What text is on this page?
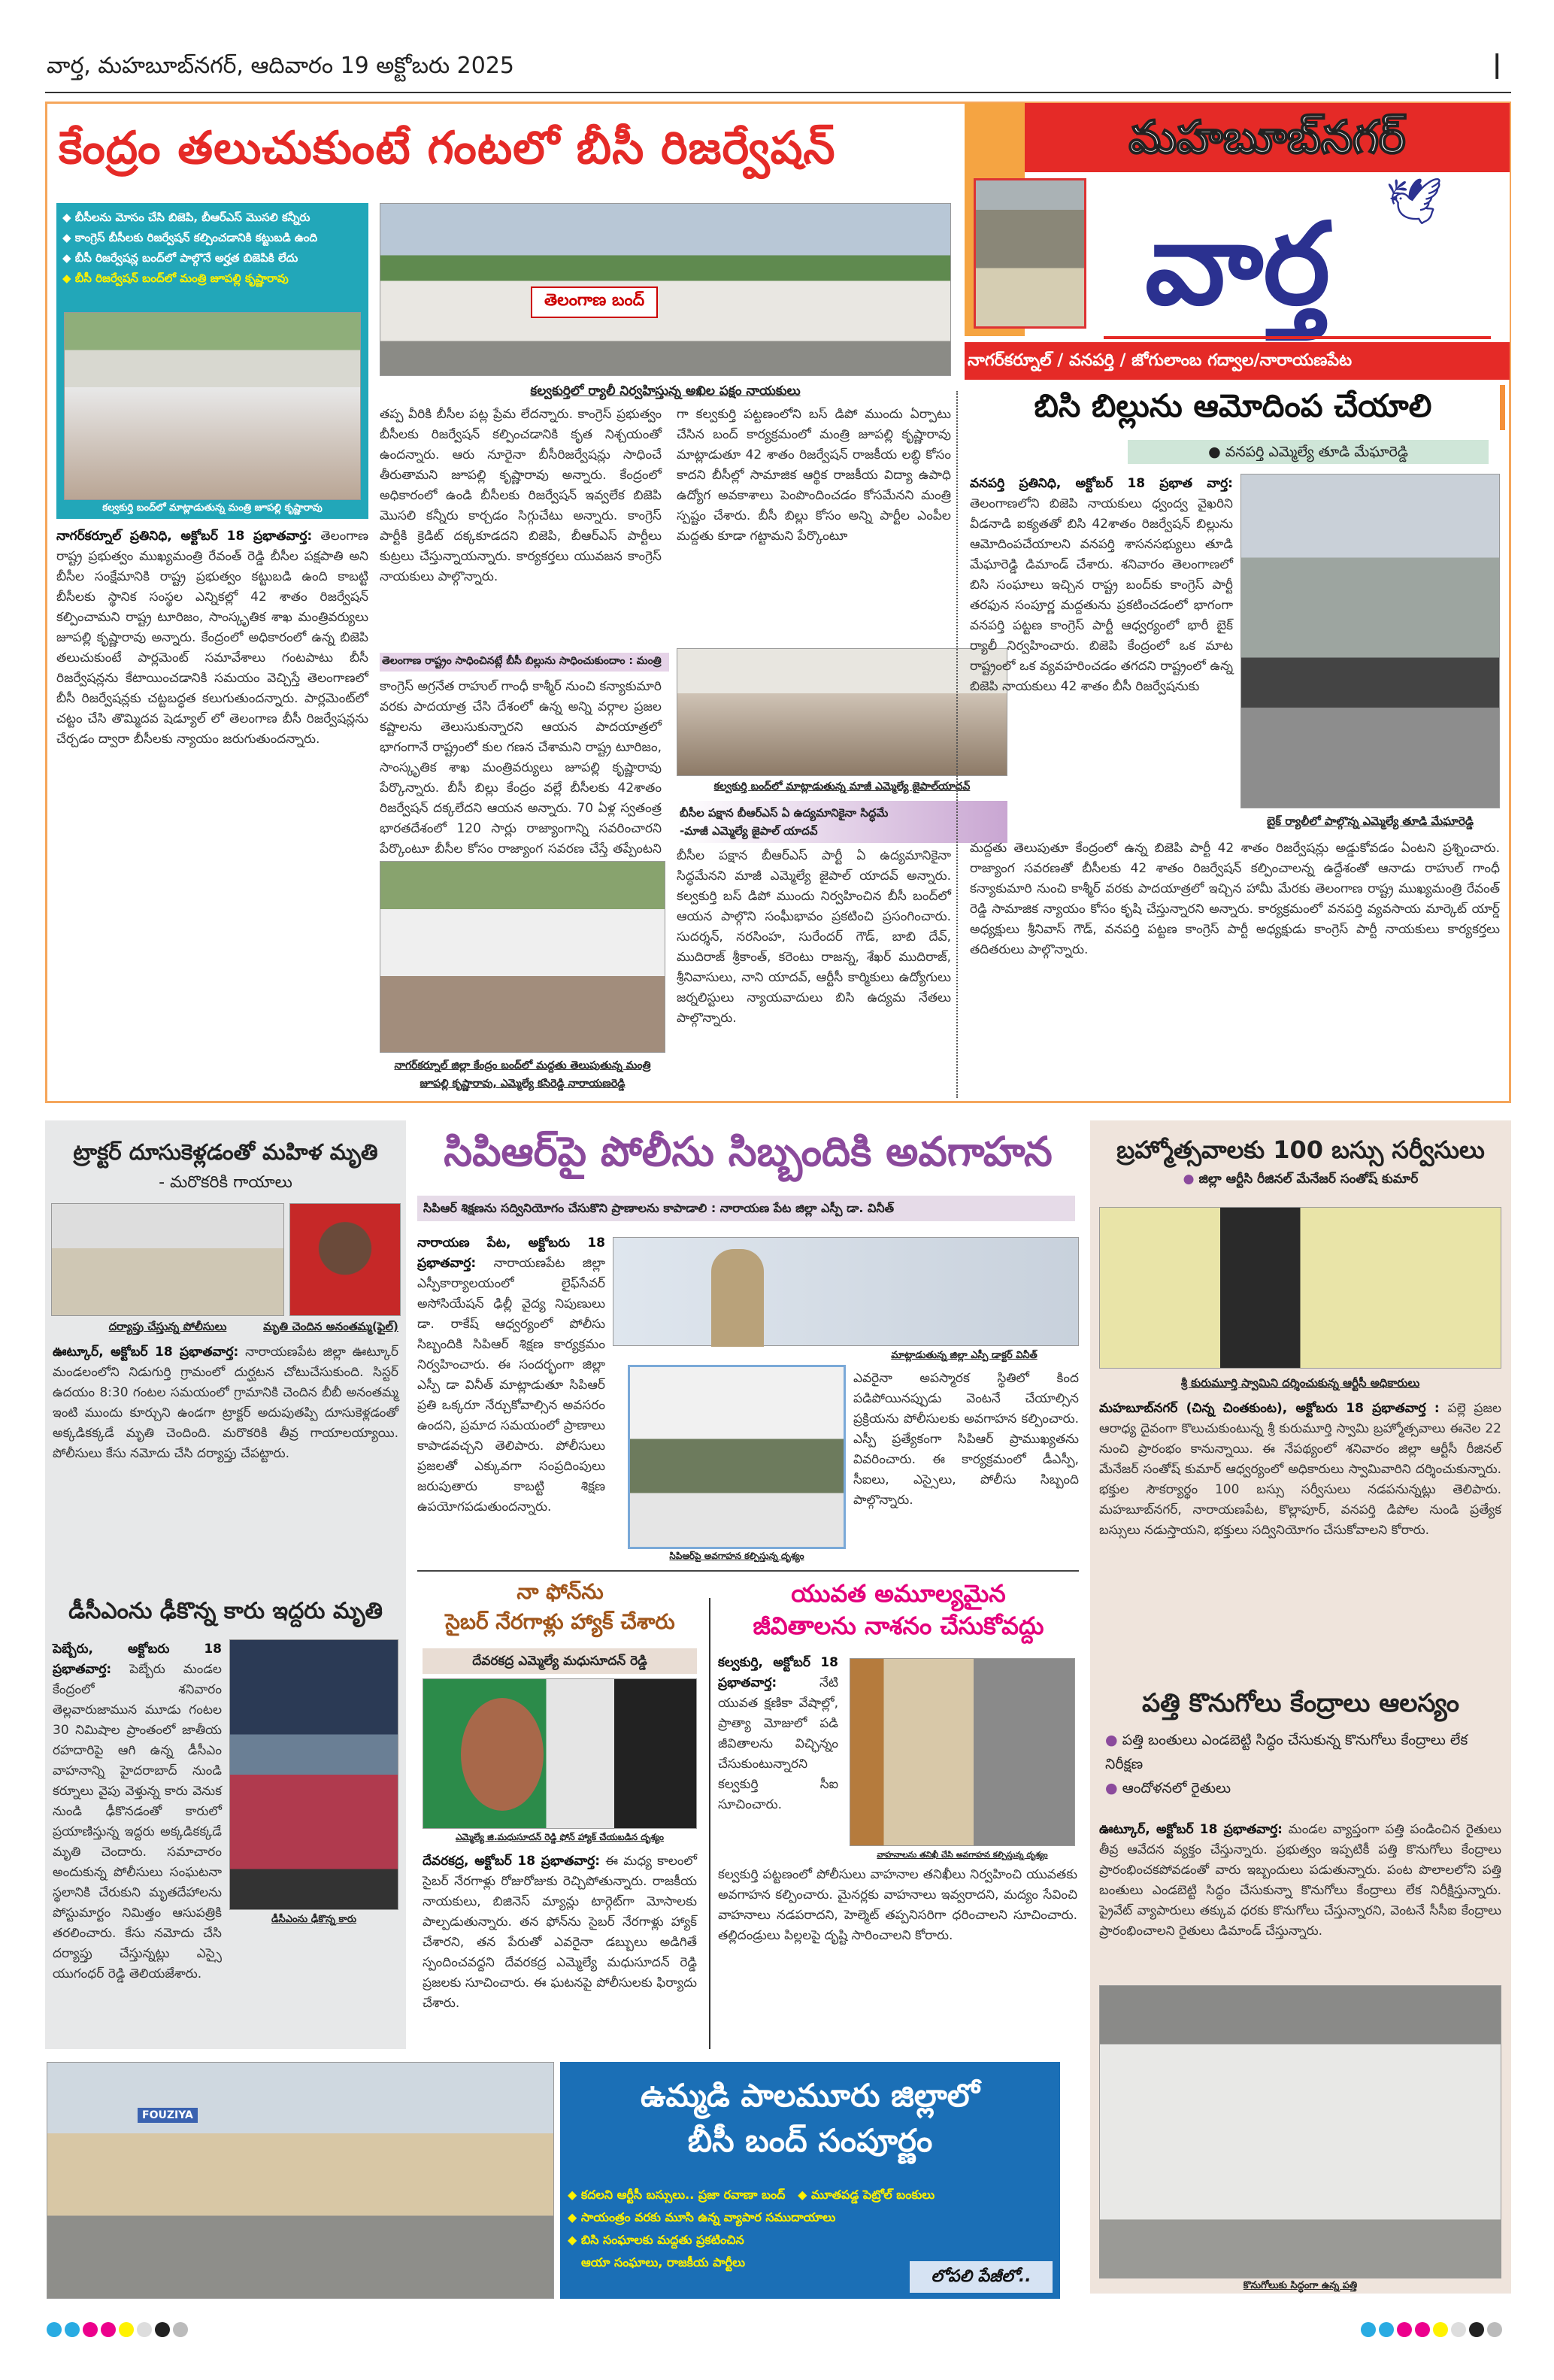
వార్త, మహబూబ్‌నగర్, ఆదివారం 19 అక్టోబరు 2025	|
కేంద్రం తలుచుకుంటే గంటలో బీసీ రిజర్వేషన్
◆ బీసీలను మోసం చేసి బిజెపి, బీఆర్ఎస్ మొసలి కన్నీరు
◆ కాంగ్రెస్ బీసీలకు రిజర్వేషన్ కల్పించడానికి కట్టుబడి ఉంది
◆ బీసీ రిజర్వేషన్ల బంద్‌లో పాల్గొనే అర్హత బిజెపికి లేదు
◆ బీసీ రిజర్వేషన్ బంద్‌లో మంత్రి జూపల్లి కృష్ణారావు
కల్వకుర్తి బంద్‌లో మాట్లాడుతున్న మంత్రి జూపల్లి కృష్ణారావు
తెలంగాణ బంద్
కల్వకుర్తిలో ర్యాలీ నిర్వహిస్తున్న అఖిల పక్షం నాయకులు
నాగర్‌కర్నూల్ ప్రతినిధి, అక్టోబర్ 18 ప్రభాతవార్త: తెలంగాణ రాష్ట్ర ప్రభుత్వం ముఖ్యమంత్రి రేవంత్ రెడ్డి బీసీల పక్షపాతి అని బీసీల సంక్షేమానికి రాష్ట్ర ప్రభుత్వం కట్టుబడి ఉంది కాబట్టి బీసీలకు స్థానిక సంస్థల ఎన్నికల్లో 42 శాతం రిజర్వేషన్ కల్పించామని రాష్ట్ర టూరిజం, సాంస్కృతిక శాఖ మంత్రివర్యులు జూపల్లి కృష్ణారావు అన్నారు. కేంద్రంలో అధికారంలో ఉన్న బిజెపి తలుచుకుంటే పార్లమెంట్ సమావేశాలు గంటపాటు బీసీ రిజర్వేషన్లను కేటాయించడానికి సమయం వెచ్చిస్తే తెలంగాణలో బీసీ రిజర్వేషన్లకు చట్టబద్ధత కలుగుతుందన్నారు. పార్లమెంట్‌లో చట్టం చేసి తొమ్మిదవ షెడ్యూల్ లో తెలంగాణ బీసీ రిజర్వేషన్లను చేర్చడం ద్వారా బీసీలకు న్యాయం జరుగుతుందన్నారు.
తప్ప వీరికి బీసీల పట్ల ప్రేమ లేదన్నారు. కాంగ్రెస్ ప్రభుత్వం బీసీలకు రిజర్వేషన్ కల్పించడానికి కృత నిశ్చయంతో ఉందన్నారు. ఆరు నూరైనా బీసీరిజర్వేషన్లు సాధించే తీరుతామని జూపల్లి కృష్ణారావు అన్నారు. కేంద్రంలో అధికారంలో ఉండి బీసీలకు రిజర్వేషన్ ఇవ్వలేక బిజెపి మొసలి కన్నీరు కార్చడం సిగ్గుచేటు అన్నారు. కాంగ్రెస్ పార్టీకి క్రెడిట్ దక్కకూడదని బిజెపి, బీఆర్ఎస్ పార్టీలు కుట్రలు చేస్తున్నాయన్నారు. కార్యకర్తలు యువజన కాంగ్రెస్ నాయకులు పాల్గొన్నారు.
తెలంగాణ రాష్ట్రం సాధించినట్లే బీసీ బిల్లును సాధించుకుందాం : మంత్రి
కాంగ్రెస్ అగ్రనేత రాహుల్ గాంధీ కాశ్మీర్ నుంచి కన్యాకుమారి వరకు పాదయాత్ర చేసి దేశంలో ఉన్న అన్ని వర్గాల ప్రజల కష్టాలను తెలుసుకున్నారని ఆయన పాదయాత్రలో భాగంగానే రాష్ట్రంలో కుల గణన చేశామని రాష్ట్ర టూరిజం, సాంస్కృతిక శాఖ మంత్రివర్యులు జూపల్లి కృష్ణారావు పేర్కొన్నారు. బీసీ బిల్లు కేంద్రం వల్లే బీసీలకు 42శాతం రిజర్వేషన్ దక్కలేదని ఆయన అన్నారు. 70 ఏళ్ల స్వతంత్ర భారతదేశంలో 120 సార్లు రాజ్యాంగాన్ని సవరించారని పేర్కొంటూ బీసీల కోసం రాజ్యాంగ సవరణ చేస్తే తప్పేంటని
గా కల్వకుర్తి పట్టణంలోని బస్ డిపో ముందు ఏర్పాటు చేసిన బంద్ కార్యక్రమంలో మంత్రి జూపల్లి కృష్ణారావు మాట్లాడుతూ 42 శాతం రిజర్వేషన్ రాజకీయ లబ్ధి కోసం కాదని బీసీల్లో సామాజిక ఆర్థిక రాజకీయ విద్యా ఉపాధి ఉద్యోగ అవకాశాలు పెంపొందించడం కోసమేనని మంత్రి స్పష్టం చేశారు. బీసీ బిల్లు కోసం అన్ని పార్టీల ఎంపీల మద్దతు కూడా గట్టామని పేర్కొంటూ
కల్వకుర్తి బంద్‌లో మాట్లాడుతున్న మాజీ ఎమ్మెల్యే జైపాల్‌యాదవ్
బీసీల పక్షాన బీఆర్ఎస్ ఏ ఉద్యమానికైనా సిద్ధమే
-మాజీ ఎమ్మెల్యే జైపాల్ యాదవ్
బీసీల పక్షాన బీఆర్ఎస్ పార్టీ ఏ ఉద్యమానికైనా సిద్ధమేనని మాజీ ఎమ్మెల్యే జైపాల్ యాదవ్ అన్నారు. కల్వకుర్తి బస్ డిపో ముందు నిర్వహించిన బీసీ బంద్‌లో ఆయన పాల్గొని సంఘీభావం ప్రకటించి ప్రసంగించారు. సుదర్శన్, నరసింహ, సురేందర్ గౌడ్, బాబి దేవ్, ముదిరాజ్ శ్రీకాంత్, కరెంటు రాజన్న, శేఖర్ ముదిరాజ్, శ్రీనివాసులు, నాని యాదవ్, ఆర్టీసీ కార్మికులు ఉద్యోగులు జర్నలిస్టులు న్యాయవాదులు బిసి ఉద్యమ నేతలు పాల్గొన్నారు.
నాగర్‌కర్నూల్ జిల్లా కేంద్రం బంద్‌లో మద్దతు తెలుపుతున్న మంత్రి జూపల్లి కృష్ణారావు, ఎమ్మెల్యే కసిరెడ్డి నారాయణరెడ్డి
మహబూబ్‌నగర్
🕊
వార్త
నాగర్‌కర్నూల్ / వనపర్తి / జోగులాంబ గద్వాల/నారాయణపేట
బిసి బిల్లును ఆమోదింప చేయాలి
● వనపర్తి ఎమ్మెల్యే తూడి మేఘారెడ్డి
వనపర్తి ప్రతినిధి, అక్టోబర్ 18 ప్రభాత వార్త: తెలంగాణలోని బిజెపి నాయకులు ధ్వంద్వ వైఖరిని వీడనాడి ఐక్యతతో బిసి 42శాతం రిజర్వేషన్ బిల్లును ఆమోదింపచేయాలని వనపర్తి శాసనసభ్యులు తూడి మేఘారెడ్డి డిమాండ్ చేశారు. శనివారం తెలంగాణలో బిసి సంఘాలు ఇచ్చిన రాష్ట్ర బంద్‌కు కాంగ్రెస్ పార్టీ తరఫున సంపూర్ణ మద్దతును ప్రకటించడంలో భాగంగా వనపర్తి పట్టణ కాంగ్రెస్ పార్టీ ఆధ్వర్యంలో భారీ బైక్ ర్యాలీ నిర్వహించారు. బిజెపి కేంద్రంలో ఒక మాట రాష్ట్రంలో ఒక వ్యవహరించడం తగదని రాష్ట్రంలో ఉన్న బిజెపి నాయకులు 42 శాతం బీసీ రిజర్వేషనుకు
బైక్ ర్యాలీలో పాల్గొన్న ఎమ్మెల్యే తూడి మేఘారెడ్డి
మద్దతు తెలుపుతూ కేంద్రంలో ఉన్న బిజెపి పార్టీ 42 శాతం రిజర్వేషన్లు అడ్డుకోవడం ఏంటని ప్రశ్నించారు. రాజ్యాంగ సవరణతో బీసీలకు 42 శాతం రిజర్వేషన్ కల్పించాలన్న ఉద్దేశంతో ఆనాడు రాహుల్ గాంధీ కన్యాకుమారి నుంచి కాశ్మీర్ వరకు పాదయాత్రలో ఇచ్చిన హామీ మేరకు తెలంగాణ రాష్ట్ర ముఖ్యమంత్రి రేవంత్ రెడ్డి సామాజిక న్యాయం కోసం కృషి చేస్తున్నారని అన్నారు. కార్యక్రమంలో వనపర్తి వ్యవసాయ మార్కెట్ యార్డ్ అధ్యక్షులు శ్రీనివాస్ గౌడ్, వనపర్తి పట్టణ కాంగ్రెస్ పార్టీ అధ్యక్షుడు కాంగ్రెస్ పార్టీ నాయకులు కార్యకర్తలు తదితరులు పాల్గొన్నారు.
ట్రాక్టర్ దూసుకెళ్లడంతో మహిళ మృతి
- మరొకరికి గాయాలు
దర్యాప్తు చేస్తున్న పోలీసులు	మృతి చెందిన అనంతమ్మ(ఫైల్)
ఊట్కూర్, అక్టోబర్ 18 ప్రభాతవార్త: నారాయణపేట జిల్లా ఊట్కూర్ మండలంలోని నిడుగుర్తి గ్రామంలో దుర్ఘటన చోటుచేసుకుంది. సిస్టర్ ఉదయం 8:30 గంటల సమయంలో గ్రామానికి చెందిన బీబీ అనంతమ్మ ఇంటి ముందు కూర్చుని ఉండగా ట్రాక్టర్ అదుపుతప్పి దూసుకెళ్లడంతో అక్కడికక్కడే మృతి చెందింది. మరొకరికి తీవ్ర గాయాలయ్యాయి. పోలీసులు కేసు నమోదు చేసి దర్యాప్తు చేపట్టారు.
డీసీఎంను ఢీకొన్న కారు ఇద్దరు మృతి
పెబ్బేరు, అక్టోబరు 18 ప్రభాతవార్త: పెబ్బేరు మండల కేంద్రంలో శనివారం తెల్లవారుజామున మూడు గంటల 30 నిమిషాల ప్రాంతంలో జాతీయ రహదారిపై ఆగి ఉన్న డీసీఎం వాహనాన్ని హైదరాబాద్ నుండి కర్నూలు వైపు వెళ్తున్న కారు వెనుక నుండి ఢీకొనడంతో కారులో ప్రయాణిస్తున్న ఇద్దరు అక్కడికక్కడే మృతి చెందారు. సమాచారం అందుకున్న పోలీసులు సంఘటనా స్థలానికి చేరుకుని మృతదేహాలను పోస్టుమార్టం నిమిత్తం ఆసుపత్రికి తరలించారు. కేసు నమోదు చేసి దర్యాప్తు చేస్తున్నట్లు ఎస్సై యుగంధర్ రెడ్డి తెలియజేశారు.
డీసీఎంను ఢీకొన్న కారు
సిపిఆర్‌పై పోలీసు సిబ్బందికి అవగాహన
సిపిఆర్ శిక్షణను సద్వినియోగం చేసుకొని ప్రాణాలను కాపాడాలి : నారాయణ పేట జిల్లా ఎస్పీ డా. వినీత్
నారాయణ పేట, అక్టోబరు 18 ప్రభాతవార్త: నారాయణపేట జిల్లా ఎస్పీకార్యాలయంలో లైఫ్‌సేవర్ అసోసియేషన్ ఢిల్లీ వైద్య నిపుణులు డా. రాకేష్ ఆధ్వర్యంలో పోలీసు సిబ్బందికి సిపిఆర్ శిక్షణ కార్యక్రమం నిర్వహించారు. ఈ సందర్భంగా జిల్లా ఎస్పీ డా వినీత్ మాట్లాడుతూ సిపిఆర్ ప్రతి ఒక్కరూ నేర్చుకోవాల్సిన అవసరం ఉందని, ప్రమాద సమయంలో ప్రాణాలు కాపాడవచ్చని తెలిపారు. పోలీసులు ప్రజలతో ఎక్కువగా సంప్రదింపులు జరుపుతారు కాబట్టి శిక్షణ ఉపయోగపడుతుందన్నారు.
మాట్లాడుతున్న జిల్లా ఎస్పీ డాక్టర్ వినీత్
సిపిఆర్‌పై అవగాహన కల్పిస్తున్న దృశ్యం
ఎవరైనా అపస్మారక స్థితిలో కింద పడిపోయినప్పుడు వెంటనే చేయాల్సిన ప్రక్రియను పోలీసులకు అవగాహన కల్పించారు. ఎస్పీ ప్రత్యేకంగా సిపిఆర్ ప్రాముఖ్యతను వివరించారు. ఈ కార్యక్రమంలో డీఎస్పీ, సీఐలు, ఎస్సైలు, పోలీసు సిబ్బంది పాల్గొన్నారు.
నా ఫోన్‌ను
సైబర్ నేరగాళ్లు హ్యాక్ చేశారు
దేవరకద్ర ఎమ్మెల్యే మధుసూదన్ రెడ్డి
ఎమ్మెల్యే జి.మధుసూదన్ రెడ్డి ఫోన్ హ్యాక్ చేయబడిన దృశ్యం
దేవరకద్ర, అక్టోబర్ 18 ప్రభాతవార్త: ఈ మధ్య కాలంలో సైబర్ నేరగాళ్లు రోజురోజుకు రెచ్చిపోతున్నారు. రాజకీయ నాయకులు, బిజినెస్ మ్యాన్లు టార్గెట్‌గా మోసాలకు పాల్పడుతున్నారు. తన ఫోన్‌ను సైబర్ నేరగాళ్లు హ్యాక్ చేశారని, తన పేరుతో ఎవరైనా డబ్బులు అడిగితే స్పందించవద్దని దేవరకద్ర ఎమ్మెల్యే మధుసూదన్ రెడ్డి ప్రజలకు సూచించారు. ఈ ఘటనపై పోలీసులకు ఫిర్యాదు చేశారు.
యువత అమూల్యమైన
జీవితాలను నాశనం చేసుకోవద్దు
కల్వకుర్తి, అక్టోబర్ 18 ప్రభాతవార్త:	నేటి యువత క్షణికా వేషాల్లో, ప్రాత్యా మోజులో పడి జీవితాలను విచ్ఛిన్నం చేసుకుంటున్నారని కల్వకుర్తి సీఐ సూచించారు.
వాహనాలను తనిఖీ చేసి అవగాహన కల్పిస్తున్న దృశ్యం
కల్వకుర్తి పట్టణంలో పోలీసులు వాహనాల తనిఖీలు నిర్వహించి యువతకు అవగాహన కల్పించారు. మైనర్లకు వాహనాలు ఇవ్వరాదని, మద్యం సేవించి వాహనాలు నడపరాదని, హెల్మెట్ తప్పనిసరిగా ధరించాలని సూచించారు. తల్లిదండ్రులు పిల్లలపై దృష్టి సారించాలని కోరారు.
బ్రహ్మోత్సవాలకు 100 బస్సు సర్వీసులు
● జిల్లా ఆర్టీసి రీజినల్ మేనేజర్ సంతోష్ కుమార్
శ్రీ కురుమూర్తి స్వామిని దర్శించుకున్న ఆర్టీసీ అధికారులు
మహబూబ్‌నగర్ (చిన్న చింతకుంట), అక్టోబరు 18 ప్రభాతవార్త : పల్లె ప్రజల ఆరాధ్య దైవంగా కొలుచుకుంటున్న శ్రీ కురుమూర్తి స్వామి బ్రహ్మోత్సవాలు ఈనెల 22 నుంచి ప్రారంభం కానున్నాయి. ఈ నేపథ్యంలో శనివారం జిల్లా ఆర్టీసీ రీజినల్ మేనేజర్ సంతోష్ కుమార్ ఆధ్వర్యంలో అధికారులు స్వామివారిని దర్శించుకున్నారు. భక్తుల సౌకర్యార్థం 100 బస్సు సర్వీసులు నడపనున్నట్లు తెలిపారు. మహబూబ్‌నగర్, నారాయణపేట, కొల్లాపూర్, వనపర్తి డిపోల నుండి ప్రత్యేక బస్సులు నడుస్తాయని, భక్తులు సద్వినియోగం చేసుకోవాలని కోరారు.
పత్తి కొనుగోలు కేంద్రాలు ఆలస్యం
● పత్తి బంతులు ఎండబెట్టి సిద్ధం చేసుకున్న కొనుగోలు కేంద్రాలు లేక నిరీక్షణ
● ఆందోళనలో రైతులు
ఊట్కూర్, అక్టోబర్ 18 ప్రభాతవార్త: మండల వ్యాప్తంగా పత్తి పండించిన రైతులు తీవ్ర ఆవేదన వ్యక్తం చేస్తున్నారు. ప్రభుత్వం ఇప్పటికీ పత్తి కొనుగోలు కేంద్రాలు ప్రారంభించకపోవడంతో వారు ఇబ్బందులు పడుతున్నారు. పంట పొలాలలోని పత్తి బంతులు ఎండబెట్టి సిద్ధం చేసుకున్నా కొనుగోలు కేంద్రాలు లేక నిరీక్షిస్తున్నారు. ప్రైవేట్ వ్యాపారులు తక్కువ ధరకు కొనుగోలు చేస్తున్నారని, వెంటనే సీసీఐ కేంద్రాలు ప్రారంభించాలని రైతులు డిమాండ్ చేస్తున్నారు.
కొనుగోలుకు సిద్ధంగా ఉన్న పత్తి
FOUZIYA
ఉమ్మడి పాలమూరు జిల్లాలో
బీసీ బంద్ సంపూర్ణం
◆ కదలని ఆర్టీసీ బస్సులు.. ప్రజా రవాణా బంద్   ◆ మూతపడ్డ పెట్రోల్ బంకులు
◆ సాయంత్రం వరకు మూసి ఉన్న వ్యాపార సముదాయాలు
◆ బిసి సంఘాలకు మద్దతు ప్రకటించిన
ఆయా సంఘాలు, రాజకీయ పార్టీలు
లోపలి పేజీలో..
